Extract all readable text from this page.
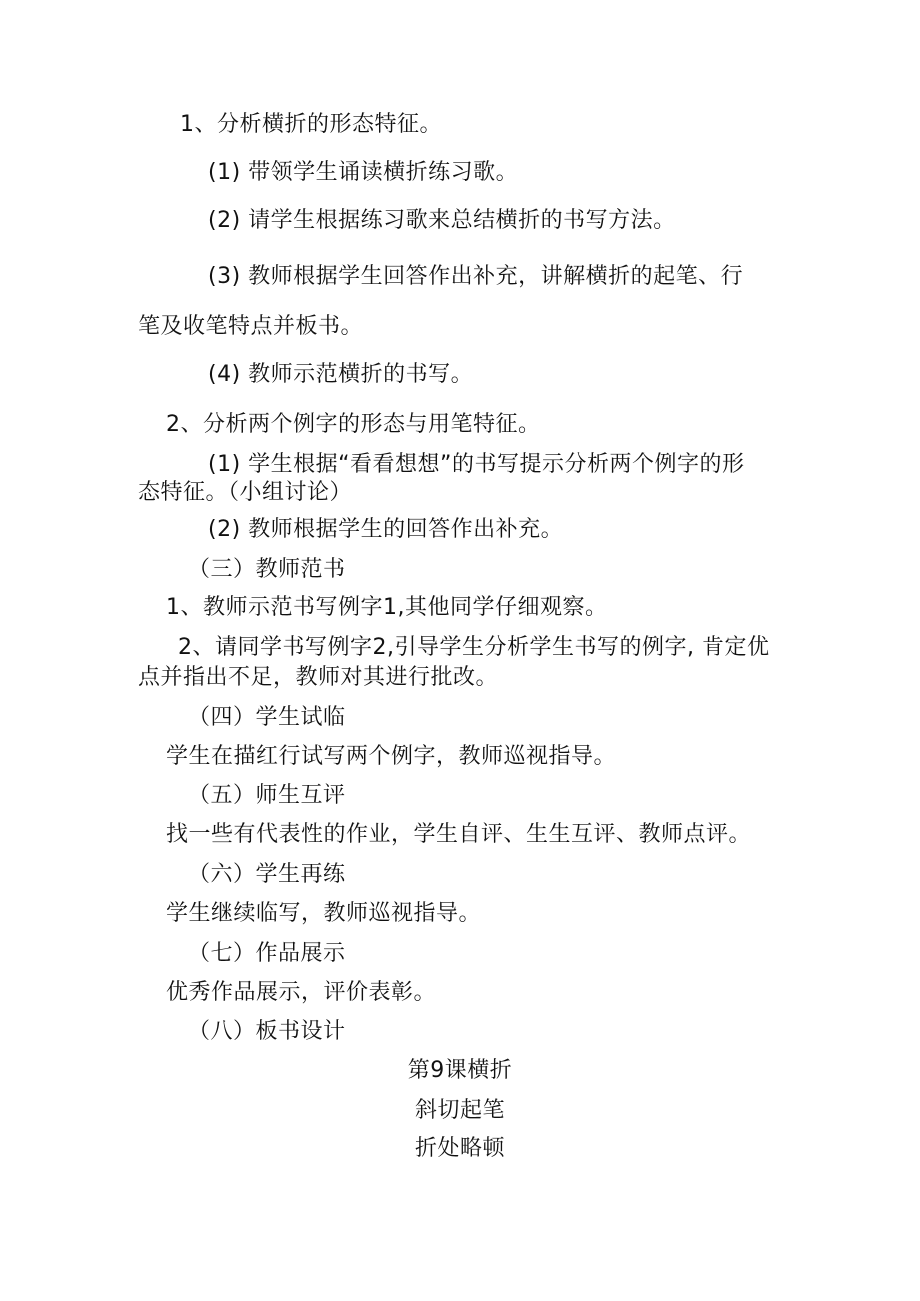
1、分析横折的形态特征。
(1) 带领学生诵读横折练习歌。
(2) 请学生根据练习歌来总结横折的书写方法。
(3) 教师根据学生回答作出补充，讲解横折的起笔、行
笔及收笔特点并板书。
(4) 教师示范横折的书写。
2、分析两个例字的形态与用笔特征。
(1) 学生根据“看看想想”的书写提示分析两个例字的形
态特征。（小组讨论）
(2) 教师根据学生的回答作出补充。
（三）教师范书
1、教师示范书写例字1,其他同学仔细观察。
2、请同学书写例字2,引导学生分析学生书写的例字, 肯定优
点并指出不足，教师对其进行批改。
（四）学生试临
学生在描红行试写两个例字，教师巡视指导。
（五）师生互评
找一些有代表性的作业，学生自评、生生互评、教师点评。
（六）学生再练
学生继续临写，教师巡视指导。
（七）作品展示
优秀作品展示，评价表彰。
（八）板书设计
第9课横折
斜切起笔
折处略顿
